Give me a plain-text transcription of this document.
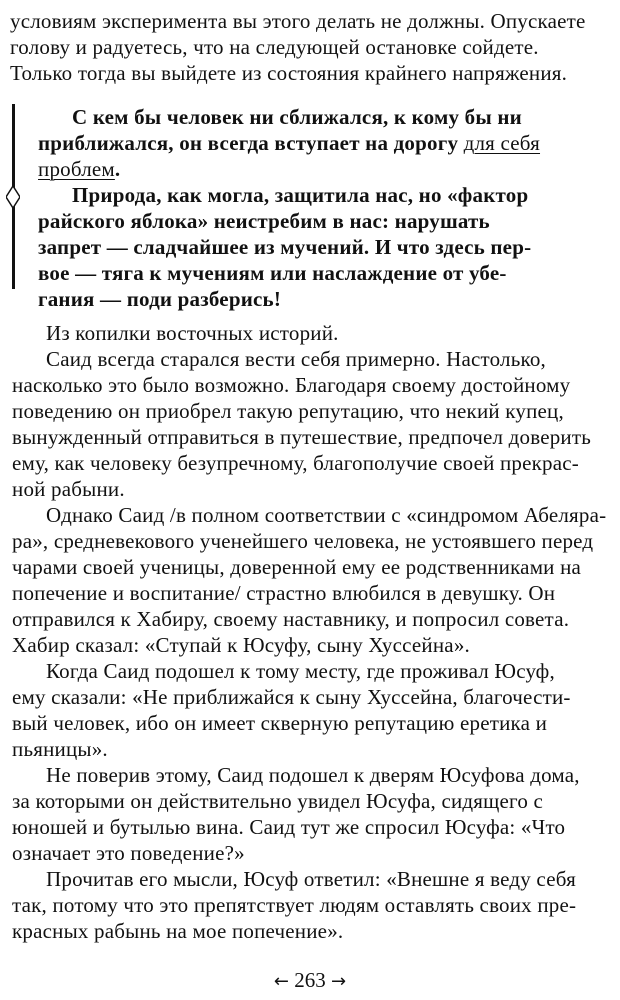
условиям эксперимента вы этого делать не должны. Опускаете
голову и радуетесь, что на следующей остановке сойдете.
Только тогда вы выйдете из состояния крайнего напряжения.
С кем бы человек ни сближался, к кому бы ни
приближался, он всегда вступает на дорогу для себя
проблем.
Природа, как могла, защитила нас, но «фактор
райского яблока» неистребим в нас: нарушать
запрет — сладчайшее из мучений. И что здесь пер-
вое — тяга к мучениям или наслаждение от убе-
гания — поди разберись!
Из копилки восточных историй.
Саид всегда старался вести себя примерно. Настолько,
насколько это было возможно. Благодаря своему достойному
поведению он приобрел такую репутацию, что некий купец,
вынужденный отправиться в путешествие, предпочел доверить
ему, как человеку безупречному, благополучие своей прекрас-
ной рабыни.
Однако Саид /в полном соответствии с «синдромом Абеляра-
ра», средневекового ученейшего человека, не устоявшего перед
чарами своей ученицы, доверенной ему ее родственниками на
попечение и воспитание/ страстно влюбился в девушку. Он
отправился к Хабиру, своему наставнику, и попросил совета.
Хабир сказал: «Ступай к Юсуфу, сыну Хуссейна».
Когда Саид подошел к тому месту, где проживал Юсуф,
ему сказали: «Не приближайся к сыну Хуссейна, благочести-
вый человек, ибо он имеет скверную репутацию еретика и
пьяницы».
Не поверив этому, Саид подошел к дверям Юсуфова дома,
за которыми он действительно увидел Юсуфа, сидящего с
юношей и бутылью вина. Саид тут же спросил Юсуфа: «Что
означает это поведение?»
Прочитав его мысли, Юсуф ответил: «Внешне я веду себя
так, потому что это препятствует людям оставлять своих пре-
красных рабынь на мое попечение».
← 263 →
